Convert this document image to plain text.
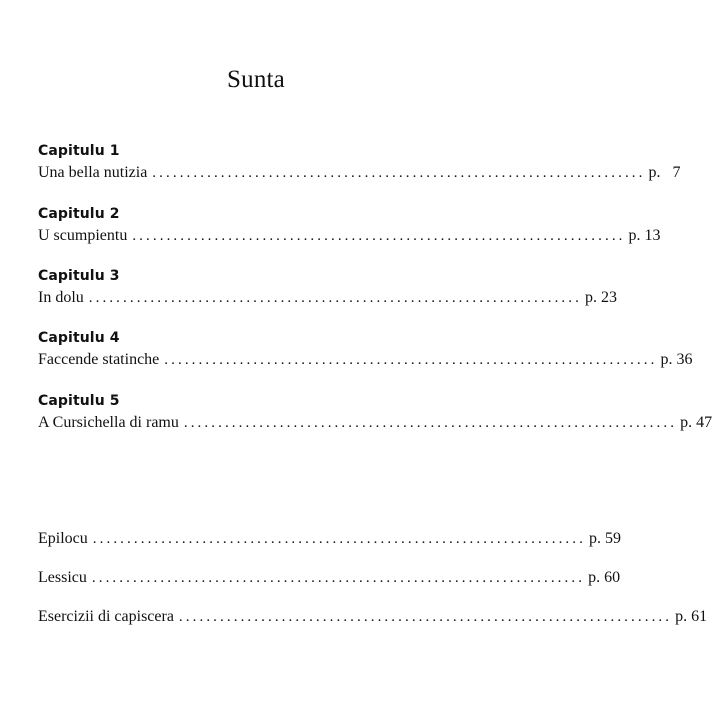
Sunta
Capitulu 1
Una bella nutizia ........................................................................ p.   7
Capitulu 2
U scumpientu ........................................................................ p. 13
Capitulu 3
In dolu ........................................................................ p. 23
Capitulu 4
Faccende statinche ........................................................................ p. 36
Capitulu 5
A Cursichella di ramu ........................................................................ p. 47
Epilocu ........................................................................ p. 59
Lessicu ........................................................................ p. 60
Esercizii di capiscera ........................................................................ p. 61
